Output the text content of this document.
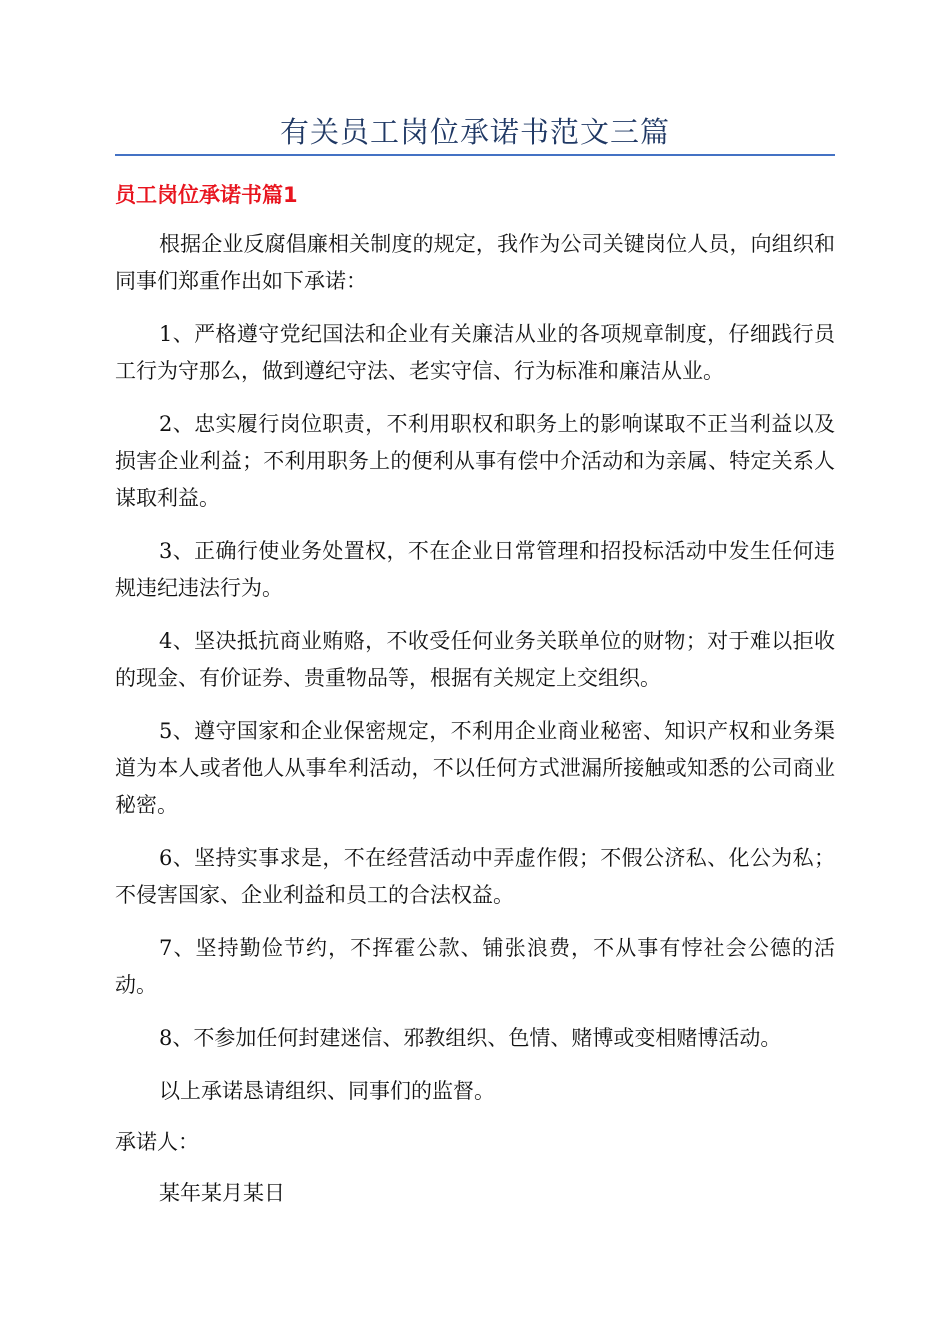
有关员工岗位承诺书范文三篇
员工岗位承诺书篇1

根据企业反腐倡廉相关制度的规定，我作为公司关键岗位人员，向组织和同事们郑重作出如下承诺：

1、严格遵守党纪国法和企业有关廉洁从业的各项规章制度，仔细践行员工行为守那么，做到遵纪守法、老实守信、行为标准和廉洁从业。

2、忠实履行岗位职责，不利用职权和职务上的影响谋取不正当利益以及损害企业利益；不利用职务上的便利从事有偿中介活动和为亲属、特定关系人谋取利益。

3、正确行使业务处置权，不在企业日常管理和招投标活动中发生任何违规违纪违法行为。

4、坚决抵抗商业贿赂，不收受任何业务关联单位的财物；对于难以拒收的现金、有价证券、贵重物品等，根据有关规定上交组织。

5、遵守国家和企业保密规定，不利用企业商业秘密、知识产权和业务渠道为本人或者他人从事牟利活动，不以任何方式泄漏所接触或知悉的公司商业秘密。

6、坚持实事求是，不在经营活动中弄虚作假；不假公济私、化公为私；不侵害国家、企业利益和员工的合法权益。

7、坚持勤俭节约，不挥霍公款、铺张浪费，不从事有悖社会公德的活动。

8、不参加任何封建迷信、邪教组织、色情、赌博或变相赌博活动。

以上承诺恳请组织、同事们的监督。

承诺人：

某年某月某日
